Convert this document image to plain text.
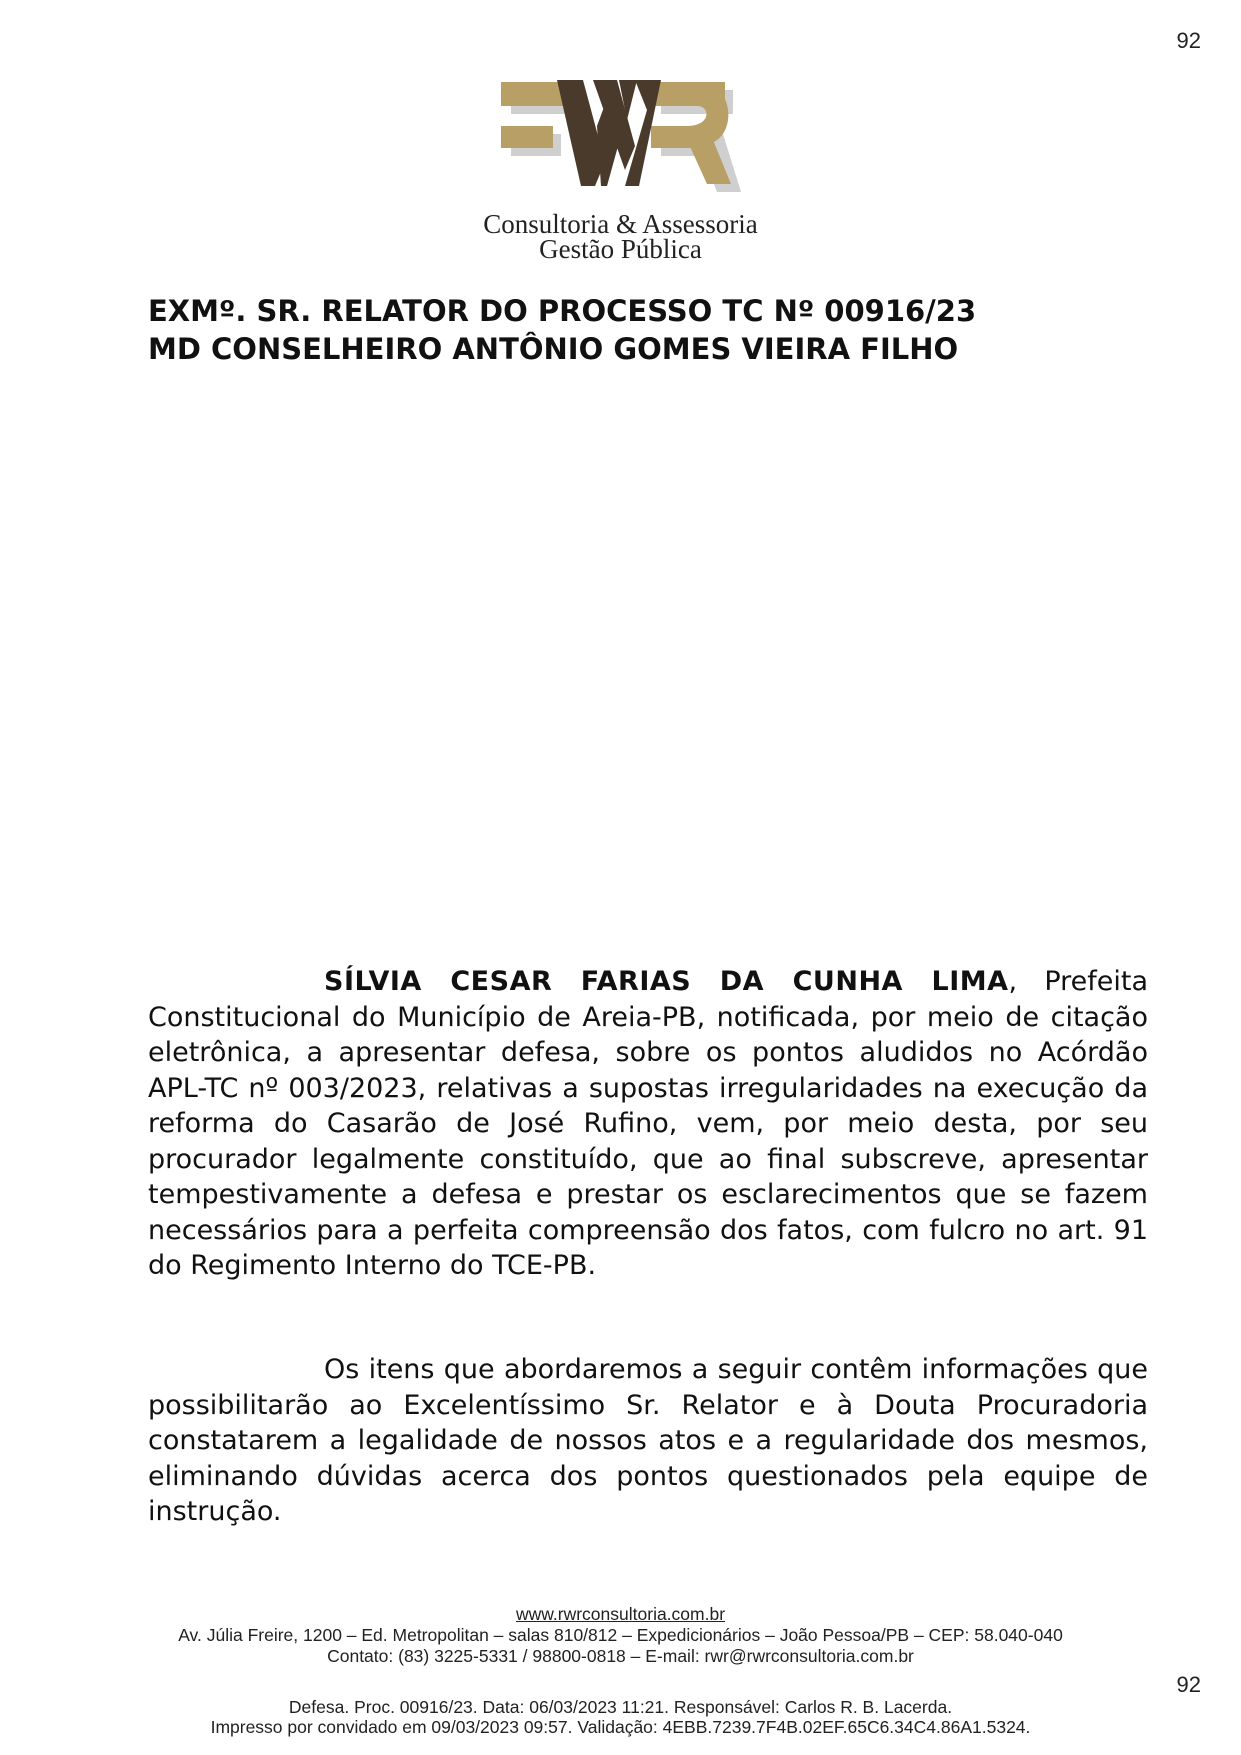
92
Consultoria & Assessoria
Gestão Pública
EXMº. SR. RELATOR DO PROCESSO TC Nº 00916/23
MD CONSELHEIRO ANTÔNIO GOMES VIEIRA FILHO
SÍLVIA CESAR FARIAS DA CUNHA LIMA, Prefeita Constitucional do Município de Areia-PB, notificada, por meio de citação eletrônica, a apresentar defesa, sobre os pontos aludidos no Acórdão APL-TC nº 003/2023, relativas a supostas irregularidades na execução da reforma do Casarão de José Rufino, vem, por meio desta, por seu procurador legalmente constituído, que ao final subscreve, apresentar tempestivamente a defesa e prestar os esclarecimentos que se fazem necessários para a perfeita compreensão dos fatos, com fulcro no art. 91 do Regimento Interno do TCE-PB.
Os itens que abordaremos a seguir contêm informações que possibilitarão ao Excelentíssimo Sr. Relator e à Douta Procuradoria constatarem a legalidade de nossos atos e a regularidade dos mesmos, eliminando dúvidas acerca dos pontos questionados pela equipe de instrução.
www.rwrconsultoria.com.br
Av. Júlia Freire, 1200 – Ed. Metropolitan – salas 810/812 – Expedicionários – João Pessoa/PB – CEP: 58.040-040
Contato: (83) 3225-5331 / 98800-0818 – E-mail: rwr@rwrconsultoria.com.br
92
Defesa. Proc. 00916/23. Data: 06/03/2023 11:21. Responsável: Carlos R. B. Lacerda.
Impresso por convidado em 09/03/2023 09:57. Validação: 4EBB.7239.7F4B.02EF.65C6.34C4.86A1.5324.
